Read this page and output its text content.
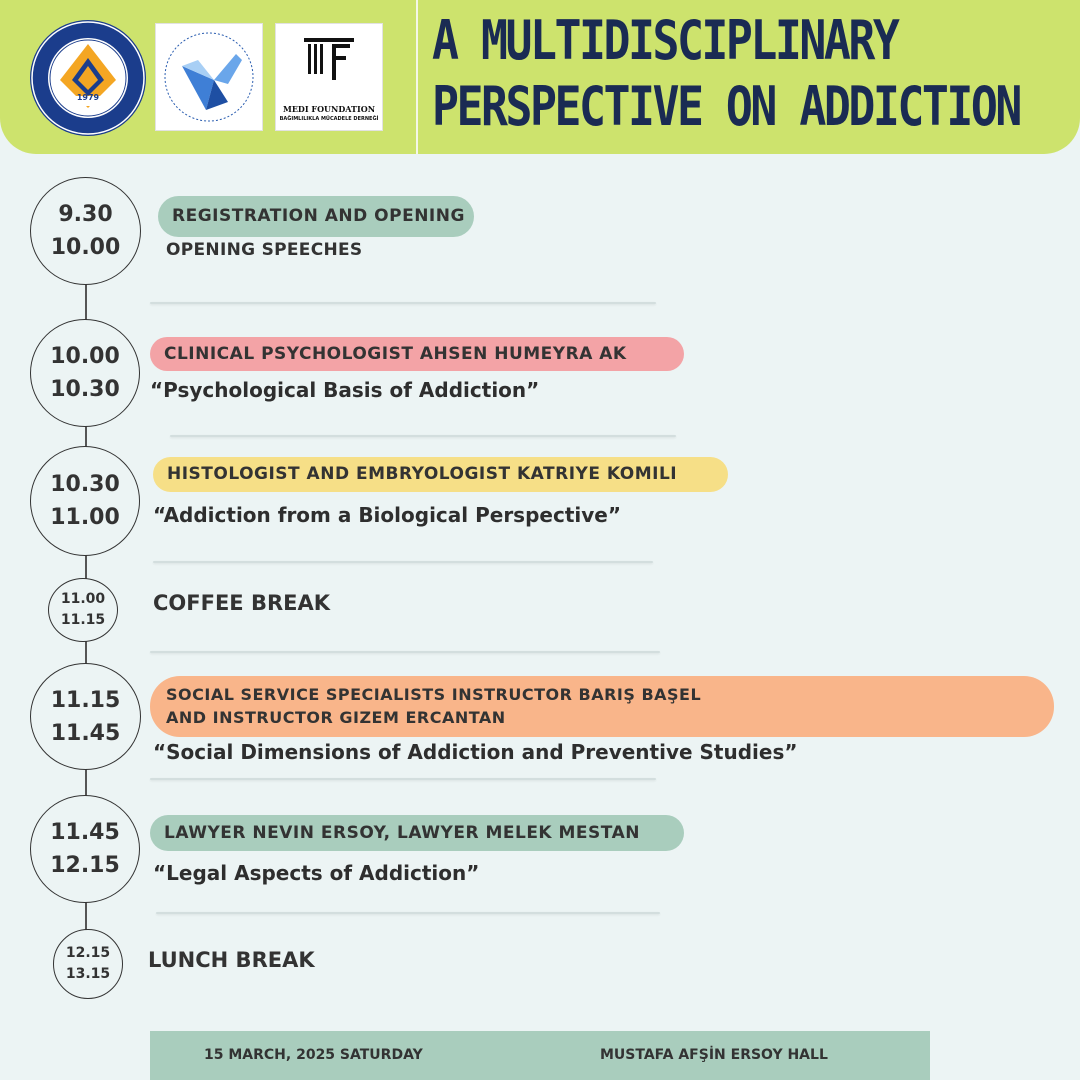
1979
MEDI FOUNDATION
BAĞIMLILIKLA MÜCADELE DERNEĞİ
A MULTIDISCIPLINARY
PERSPECTIVE ON ADDICTION
9.30
10.00
REGISTRATION AND OPENING
OPENING SPEECHES
10.00
10.30
CLINICAL PSYCHOLOGIST AHSEN HUMEYRA AK
“Psychological Basis of Addiction”
10.30
11.00
HISTOLOGIST AND EMBRYOLOGIST KATRIYE KOMILI
“Addiction from a Biological Perspective”
11.00
11.15
COFFEE BREAK
11.15
11.45
SOCIAL SERVICE SPECIALISTS INSTRUCTOR BARIŞ BAŞEL
AND INSTRUCTOR GIZEM ERCANTAN
“Social Dimensions of Addiction and Preventive Studies”
11.45
12.15
LAWYER NEVIN ERSOY, LAWYER MELEK MESTAN
“Legal Aspects of Addiction”
12.15
13.15
LUNCH BREAK
15 MARCH, 2025 SATURDAY	MUSTAFA AFŞİN ERSOY HALL
